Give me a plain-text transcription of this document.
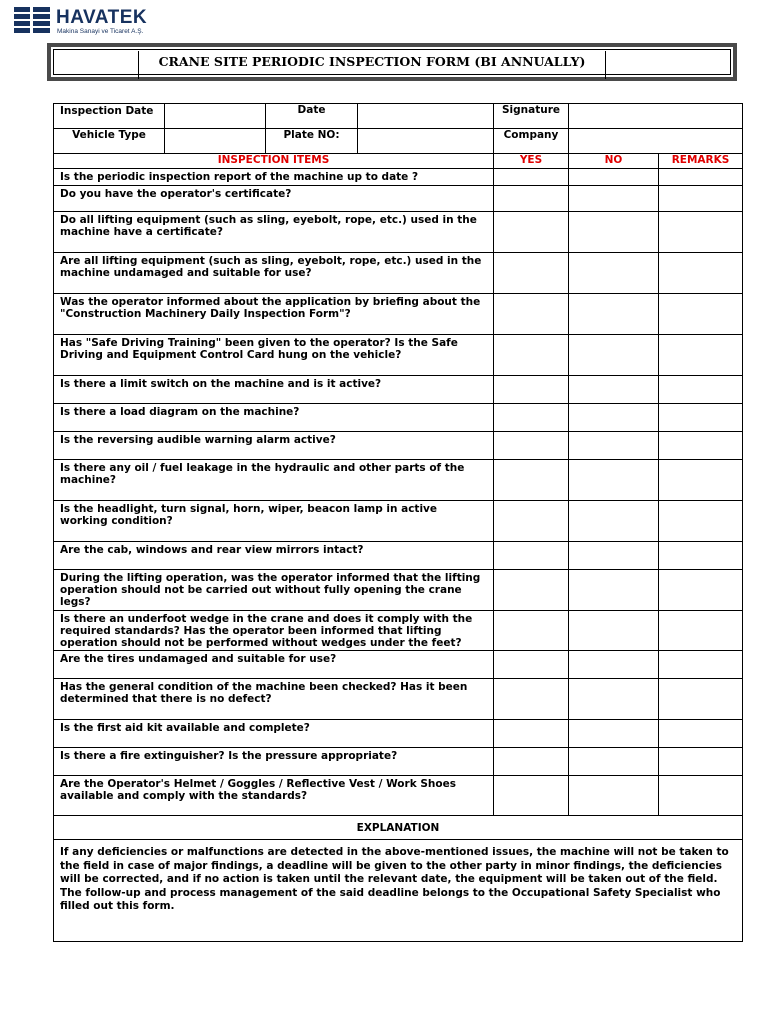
HAVATEK
Makina Sanayi ve Ticaret A.Ş.
CRANE SITE PERIODIC INSPECTION FORM (BI ANNUALLY)
Inspection Date		Date		Signature		
Vehicle Type		Plate NO:		Company		
INSPECTION ITEMS				YES	NO	REMARKS
Is the periodic inspection report of the machine up to date ?						
Do you have the operator's certificate?						
Do all lifting equipment (such as sling, eyebolt, rope, etc.) used in the machine have a certificate?						
Are all lifting equipment (such as sling, eyebolt, rope, etc.) used in the machine undamaged and suitable for use?						
Was the operator informed about the application by briefing about the "Construction Machinery Daily Inspection Form"?						
Has "Safe Driving Training" been given to the operator? Is the Safe Driving and Equipment Control Card hung on the vehicle?						
Is there a limit switch on the machine and is it active?						
Is there a load diagram on the machine?						
Is the reversing audible warning alarm active?						
Is there any oil / fuel leakage in the hydraulic and other parts of the machine?						
Is the headlight, turn signal, horn, wiper, beacon lamp in active working condition?						
Are the cab, windows and rear view mirrors intact?						
During the lifting operation, was the operator informed that the lifting operation should not be carried out without fully opening the crane legs?						
Is there an underfoot wedge in the crane and does it comply with the required standards? Has the operator been informed that lifting operation should not be performed without wedges under the feet?						
Are the tires undamaged and suitable for use?						
Has the general condition of the machine been checked? Has it been determined that there is no defect?						
Is the first aid kit available and complete?						
Is there a fire extinguisher? Is the pressure appropriate?						
Are the Operator's Helmet / Goggles / Reflective Vest / Work Shoes available and comply with the standards?						
EXPLANATION						
If any deficiencies or malfunctions are detected in the above-mentioned issues, the machine will not be taken to the field in case of major findings, a deadline will be given to the other party in minor findings, the deficiencies will be corrected, and if no action is taken until the relevant date, the equipment will be taken out of the field. The follow-up and process management of the said deadline belongs to the Occupational Safety Specialist who filled out this form.						
